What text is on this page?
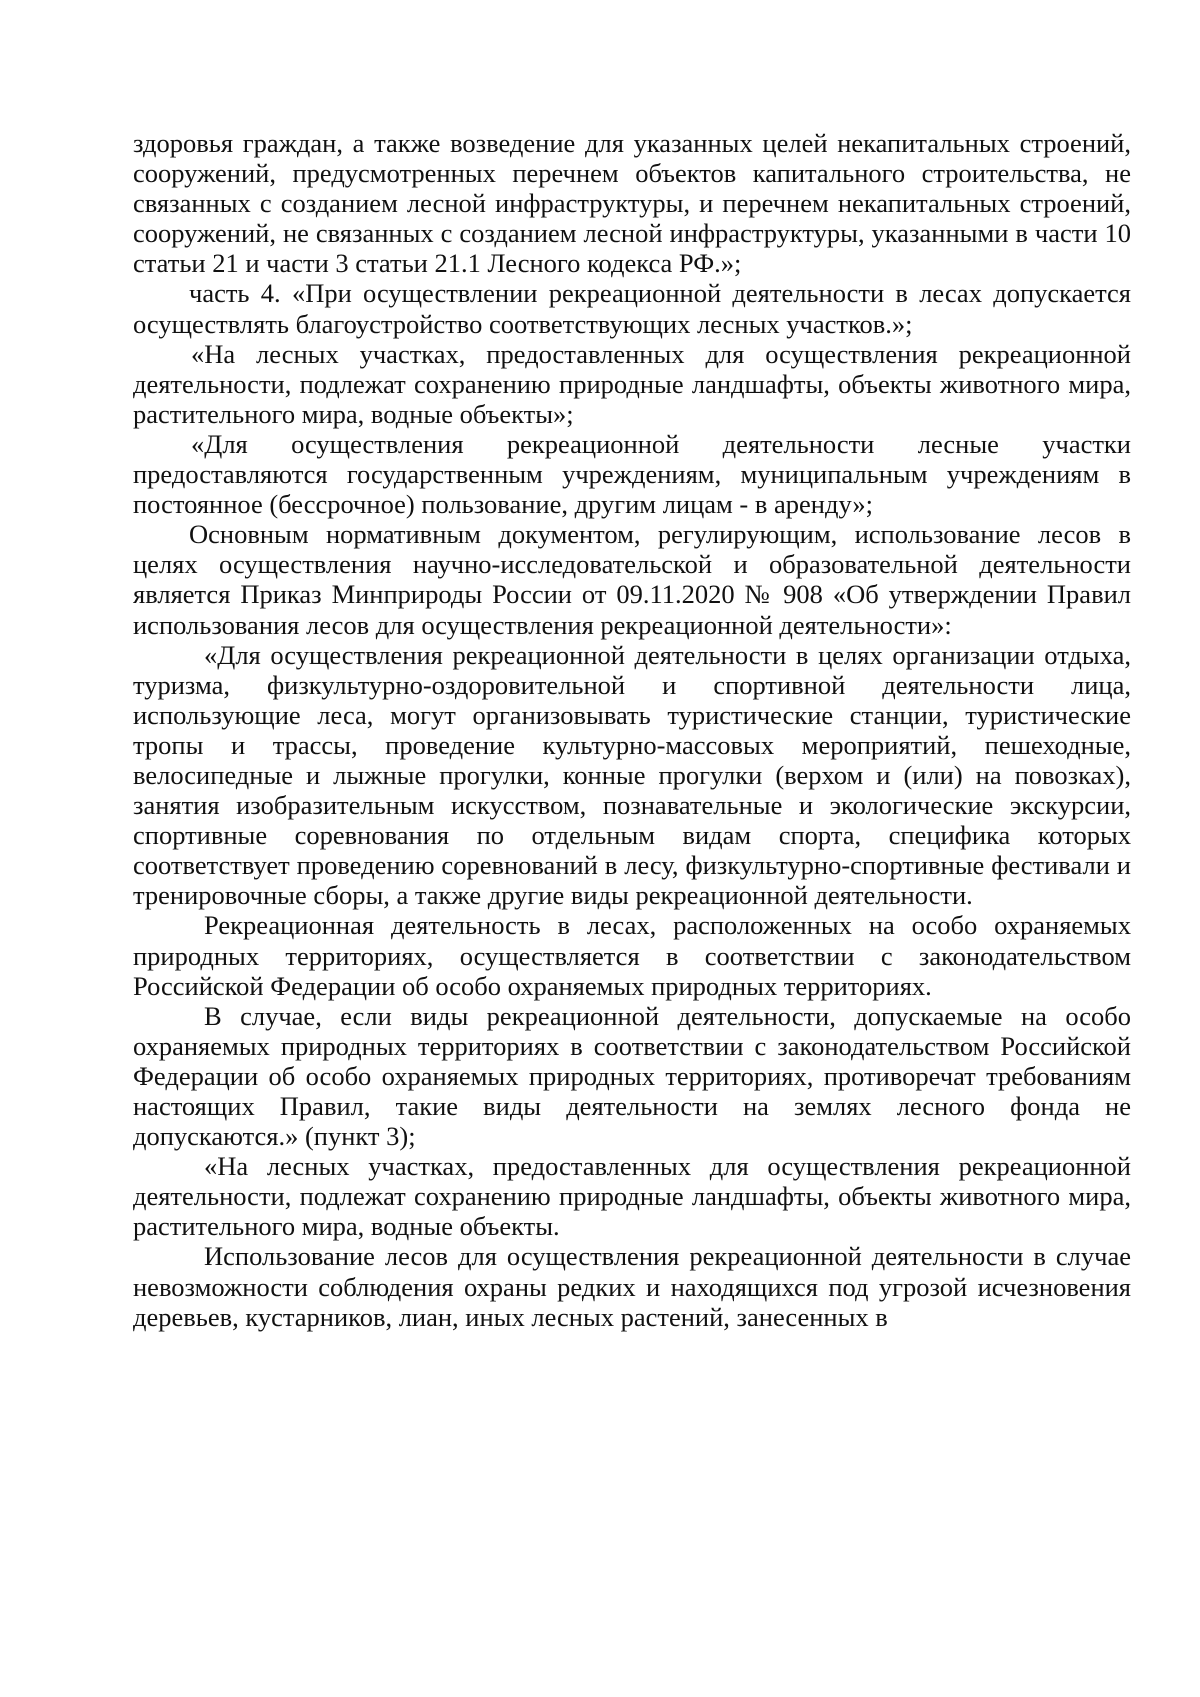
здоровья граждан, а также возведение для указанных целей некапитальных строений, сооружений, предусмотренных перечнем объектов капитального строительства, не связанных с созданием лесной инфраструктуры, и перечнем некапитальных строений, сооружений, не связанных с созданием лесной инфраструктуры, указанными в части 10 статьи 21 и части 3 статьи 21.1 Лесного кодекса РФ.»;

часть 4. «При осуществлении рекреационной деятельности в лесах допускается осуществлять благоустройство соответствующих лесных участков.»;

«На лесных участках, предоставленных для осуществления рекреационной деятельности, подлежат сохранению природные ландшафты, объекты животного мира, растительного мира, водные объекты»;

«Для осуществления рекреационной деятельности лесные участки предоставляются государственным учреждениям, муниципальным учреждениям в постоянное (бессрочное) пользование, другим лицам - в аренду»;

Основным нормативным документом, регулирующим, использование лесов в целях осуществления научно-исследовательской и образовательной деятельности является Приказ Минприроды России от 09.11.2020 № 908 «Об утверждении Правил использования лесов для осуществления рекреационной деятельности»:

«Для осуществления рекреационной деятельности в целях организации отдыха, туризма, физкультурно-оздоровительной и спортивной деятельности лица, использующие леса, могут организовывать туристические станции, туристические тропы и трассы, проведение культурно-массовых мероприятий, пешеходные, велосипедные и лыжные прогулки, конные прогулки (верхом и (или) на повозках), занятия изобразительным искусством, познавательные и экологические экскурсии, спортивные соревнования по отдельным видам спорта, специфика которых соответствует проведению соревнований в лесу, физкультурно-спортивные фестивали и тренировочные сборы, а также другие виды рекреационной деятельности.

Рекреационная деятельность в лесах, расположенных на особо охраняемых природных территориях, осуществляется в соответствии с законодательством Российской Федерации об особо охраняемых природных территориях.

В случае, если виды рекреационной деятельности, допускаемые на особо охраняемых природных территориях в соответствии с законодательством Российской Федерации об особо охраняемых природных территориях, противоречат требованиям настоящих Правил, такие виды деятельности на землях лесного фонда не допускаются.» (пункт 3);

«На лесных участках, предоставленных для осуществления рекреационной деятельности, подлежат сохранению природные ландшафты, объекты животного мира, растительного мира, водные объекты.

Использование лесов для осуществления рекреационной деятельности в случае невозможности соблюдения охраны редких и находящихся под угрозой исчезновения деревьев, кустарников, лиан, иных лесных растений, занесенных в
